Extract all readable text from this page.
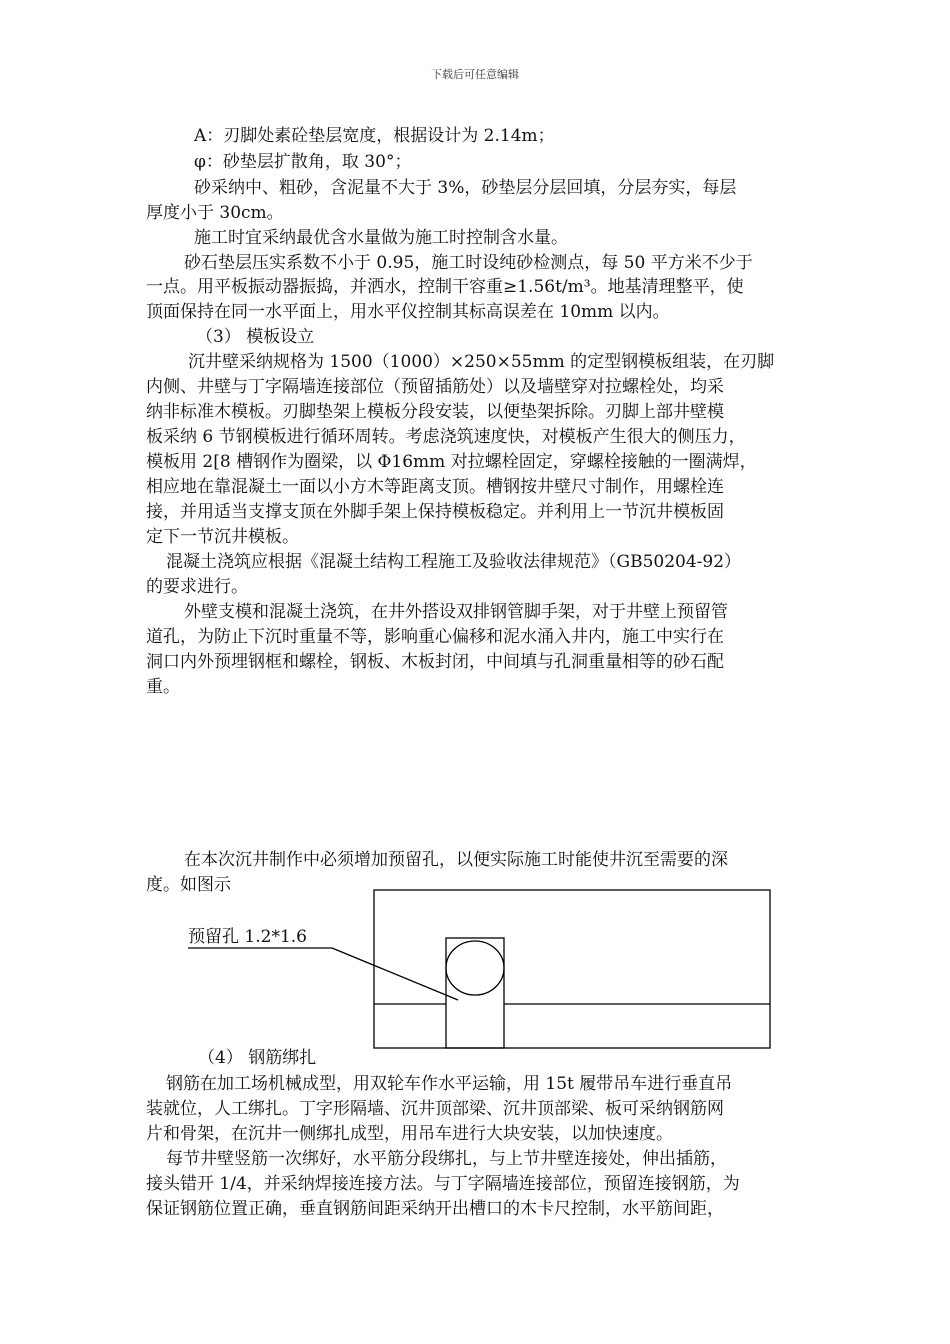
下载后可任意编辑
A：刃脚处素砼垫层宽度，根据设计为 2.14m；
φ：砂垫层扩散角，取 30°；
砂采纳中、粗砂，含泥量不大于 3%，砂垫层分层回填，分层夯实，每层
厚度小于 30cm。
施工时宜采纳最优含水量做为施工时控制含水量。
砂石垫层压实系数不小于 0.95，施工时设纯砂检测点，每 50 平方米不少于
一点。用平板振动器振捣，并洒水，控制干容重≥1.56t/m³。地基清理整平，使
顶面保持在同一水平面上，用水平仪控制其标高误差在 10mm 以内。
（3） 模板设立
沉井壁采纳规格为 1500（1000）×250×55mm 的定型钢模板组装，在刃脚
内侧、井壁与丁字隔墙连接部位（预留插筋处）以及墙壁穿对拉螺栓处，均采
纳非标准木模板。刃脚垫架上模板分段安装，以便垫架拆除。刃脚上部井壁模
板采纳 6 节钢模板进行循环周转。考虑浇筑速度快，对模板产生很大的侧压力，
模板用 2[8 槽钢作为圈梁，以 Φ16mm 对拉螺栓固定，穿螺栓接触的一圈满焊，
相应地在靠混凝土一面以小方木等距离支顶。槽钢按井壁尺寸制作，用螺栓连
接，并用适当支撑支顶在外脚手架上保持模板稳定。并利用上一节沉井模板固
定下一节沉井模板。
混凝土浇筑应根据《混凝土结构工程施工及验收法律规范》（GB50204-92）
的要求进行。
外壁支模和混凝土浇筑，在井外搭设双排钢管脚手架，对于井壁上预留管
道孔，为防止下沉时重量不等，影响重心偏移和泥水涌入井内，施工中实行在
洞口内外预埋钢框和螺栓，钢板、木板封闭，中间填与孔洞重量相等的砂石配
重。
在本次沉井制作中必须增加预留孔，以便实际施工时能使井沉至需要的深
度。如图示
预留孔 1.2*1.6
（4） 钢筋绑扎
钢筋在加工场机械成型，用双轮车作水平运输，用 15t 履带吊车进行垂直吊
装就位，人工绑扎。丁字形隔墙、沉井顶部梁、沉井顶部梁、板可采纳钢筋网
片和骨架，在沉井一侧绑扎成型，用吊车进行大块安装，以加快速度。
每节井壁竖筋一次绑好，水平筋分段绑扎，与上节井壁连接处，伸出插筋，
接头错开 1/4，并采纳焊接连接方法。与丁字隔墙连接部位，预留连接钢筋，为
保证钢筋位置正确，垂直钢筋间距采纳开出槽口的木卡尺控制，水平筋间距，
